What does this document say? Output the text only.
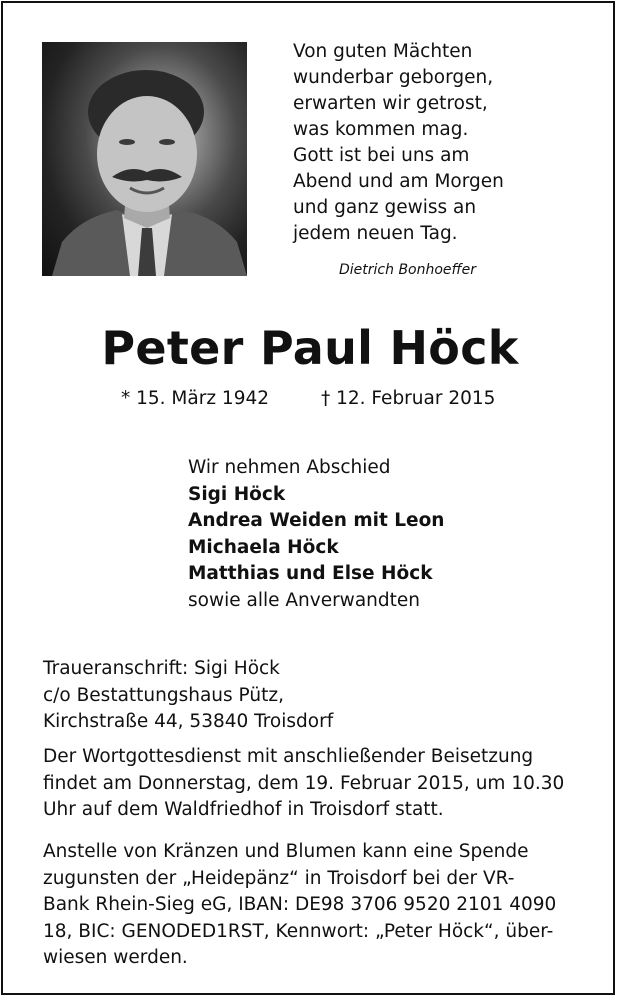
Von guten Mächten
wunderbar geborgen,
erwarten wir getrost,
was kommen mag.
Gott ist bei uns am
Abend und am Morgen
und ganz gewiss an
jedem neuen Tag.
Dietrich Bonhoeffer
Peter Paul Höck
* 15. März 1942	† 12. Februar 2015
Wir nehmen Abschied
Sigi Höck
Andrea Weiden mit Leon
Michaela Höck
Matthias und Else Höck
sowie alle Anverwandten
Traueranschrift: Sigi Höck
c/o Bestattungshaus Pütz,
Kirchstraße 44, 53840 Troisdorf
Der Wortgottesdienst mit anschließender Beisetzung
findet am Donnerstag, dem 19. Februar 2015, um 10.30
Uhr auf dem Waldfriedhof in Troisdorf statt.
Anstelle von Kränzen und Blumen kann eine Spende
zugunsten der „Heidepänz“ in Troisdorf bei der VR-
Bank Rhein-Sieg eG, IBAN: DE98 3706 9520 2101 4090
18, BIC: GENODED1RST, Kennwort: „Peter Höck“, über-
wiesen werden.
